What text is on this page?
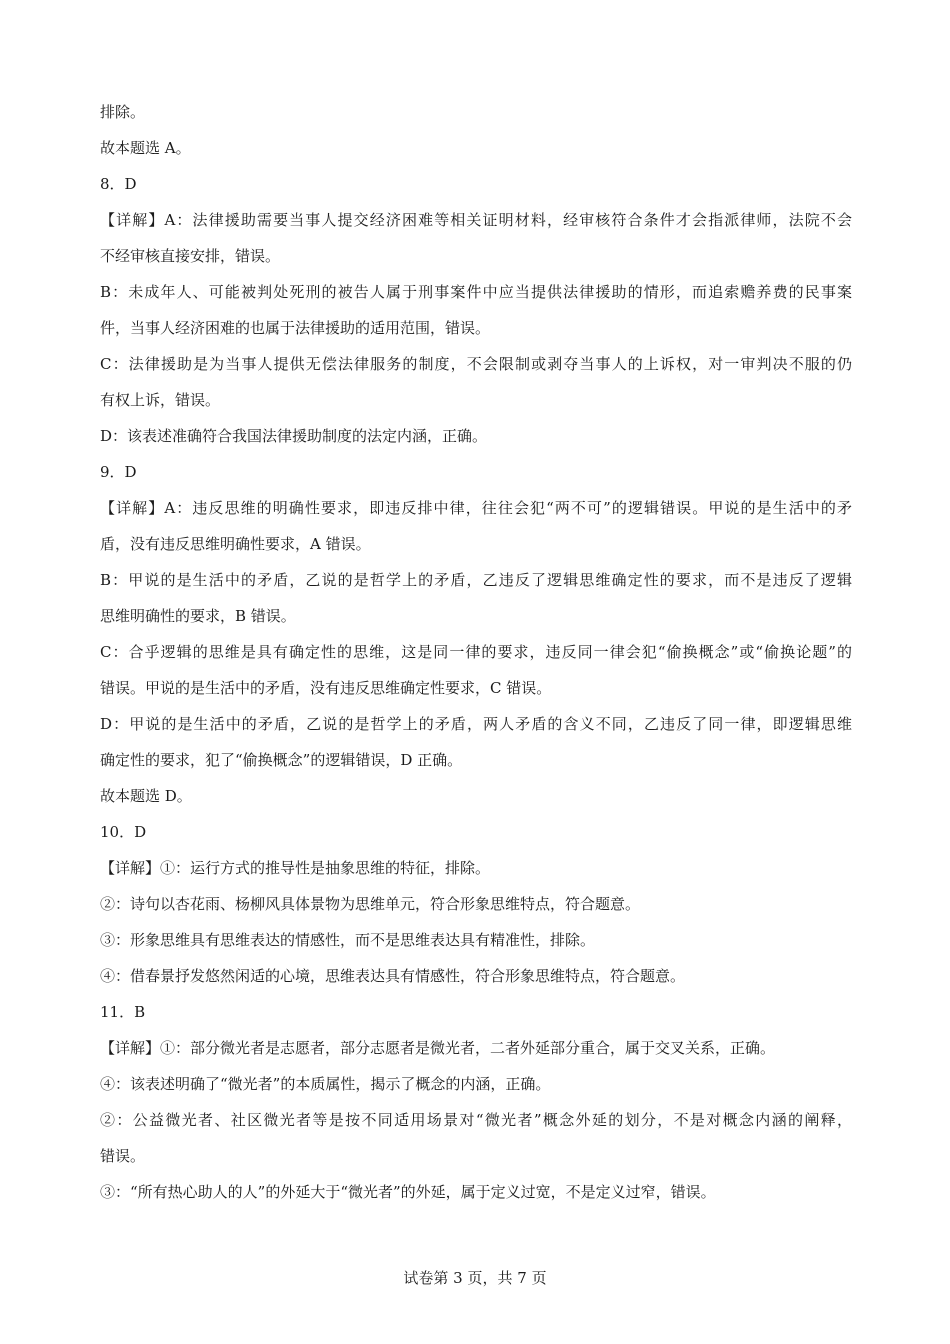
排除。
故本题选 A。
8．D
【详解】A：法律援助需要当事人提交经济困难等相关证明材料，经审核符合条件才会指派律师，法院不会
不经审核直接安排，错误。
B：未成年人、可能被判处死刑的被告人属于刑事案件中应当提供法律援助的情形，而追索赡养费的民事案
件，当事人经济困难的也属于法律援助的适用范围，错误。
C：法律援助是为当事人提供无偿法律服务的制度，不会限制或剥夺当事人的上诉权，对一审判决不服的仍
有权上诉，错误。
D：该表述准确符合我国法律援助制度的法定内涵，正确。
9．D
【详解】A：违反思维的明确性要求，即违反排中律，往往会犯“两不可”的逻辑错误。甲说的是生活中的矛
盾，没有违反思维明确性要求，A 错误。
B：甲说的是生活中的矛盾，乙说的是哲学上的矛盾，乙违反了逻辑思维确定性的要求，而不是违反了逻辑
思维明确性的要求，B 错误。
C：合乎逻辑的思维是具有确定性的思维，这是同一律的要求，违反同一律会犯“偷换概念”或“偷换论题”的
错误。甲说的是生活中的矛盾，没有违反思维确定性要求，C 错误。
D：甲说的是生活中的矛盾，乙说的是哲学上的矛盾，两人矛盾的含义不同，乙违反了同一律，即逻辑思维
确定性的要求，犯了“偷换概念”的逻辑错误，D 正确。
故本题选 D。
10．D
【详解】①：运行方式的推导性是抽象思维的特征，排除。
②：诗句以杏花雨、杨柳风具体景物为思维单元，符合形象思维特点，符合题意。
③：形象思维具有思维表达的情感性，而不是思维表达具有精准性，排除。
④：借春景抒发悠然闲适的心境，思维表达具有情感性，符合形象思维特点，符合题意。
11．B
【详解】①：部分微光者是志愿者，部分志愿者是微光者，二者外延部分重合，属于交叉关系，正确。
④：该表述明确了“微光者”的本质属性，揭示了概念的内涵，正确。
②：公益微光者、社区微光者等是按不同适用场景对“微光者”概念外延的划分，不是对概念内涵的阐释，
错误。
③：“所有热心助人的人”的外延大于“微光者”的外延，属于定义过宽，不是定义过窄，错误。
试卷第 3 页，共 7 页
